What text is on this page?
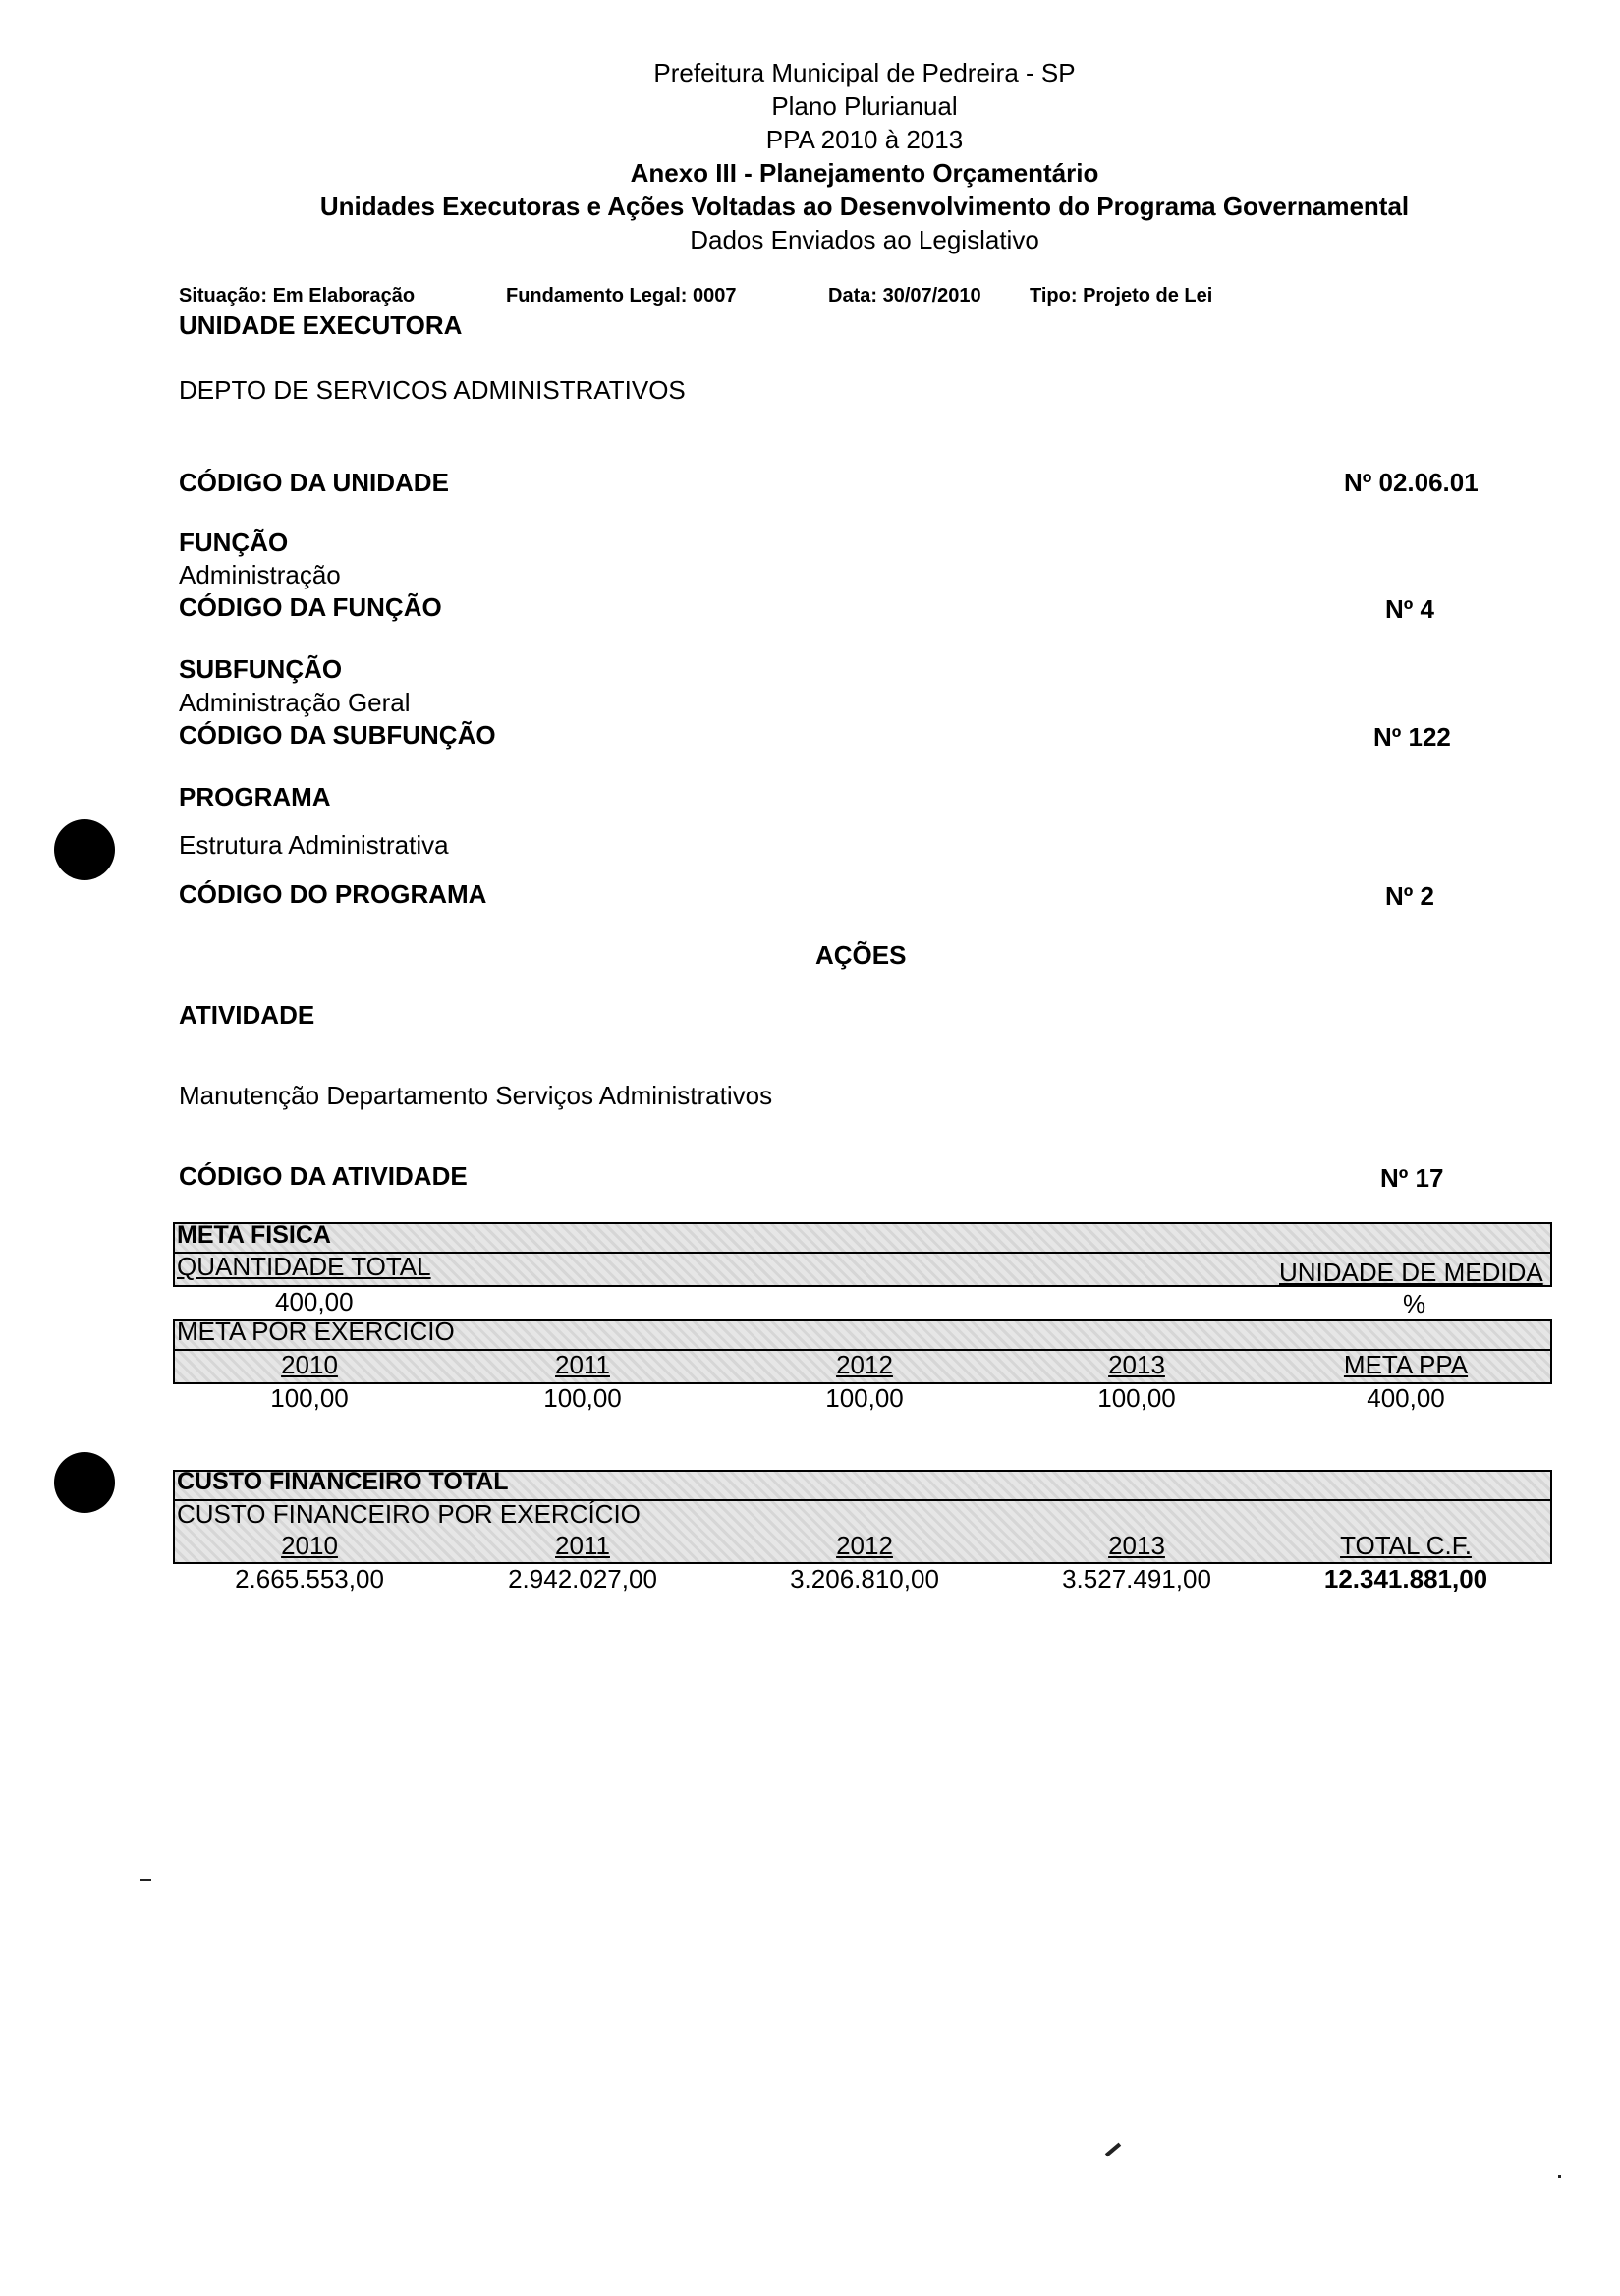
Prefeitura Municipal de Pedreira - SP
Plano Plurianual
PPA 2010 à 2013
Anexo III - Planejamento Orçamentário
Unidades Executoras e Ações Voltadas ao Desenvolvimento do Programa Governamental
Dados Enviados ao Legislativo
Situação: Em Elaboração	Fundamento Legal: 0007	Data: 30/07/2010 Tipo: Projeto de Lei
UNIDADE EXECUTORA
DEPTO DE SERVICOS ADMINISTRATIVOS
CÓDIGO DA UNIDADE	Nº 02.06.01
FUNÇÃO
Administração
CÓDIGO DA FUNÇÃO	Nº 4
SUBFUNÇÃO
Administração Geral
CÓDIGO DA SUBFUNÇÃO	Nº 122
PROGRAMA
Estrutura Administrativa
CÓDIGO DO PROGRAMA	Nº 2
AÇÕES
ATIVIDADE
Manutenção Departamento Serviços Administrativos
CÓDIGO DA ATIVIDADE	Nº 17
META FISICA
QUANTIDADE TOTAL	UNIDADE DE MEDIDA
400,00	%
META POR EXERCICIO
2010	2011	2012	2013	META PPA
100,00	100,00	100,00	100,00	400,00
CUSTO FINANCEIRO TOTAL
CUSTO FINANCEIRO POR EXERCÍCIO
2010	2011	2012	2013	TOTAL C.F.
2.665.553,00	2.942.027,00	3.206.810,00	3.527.491,00	12.341.881,00
